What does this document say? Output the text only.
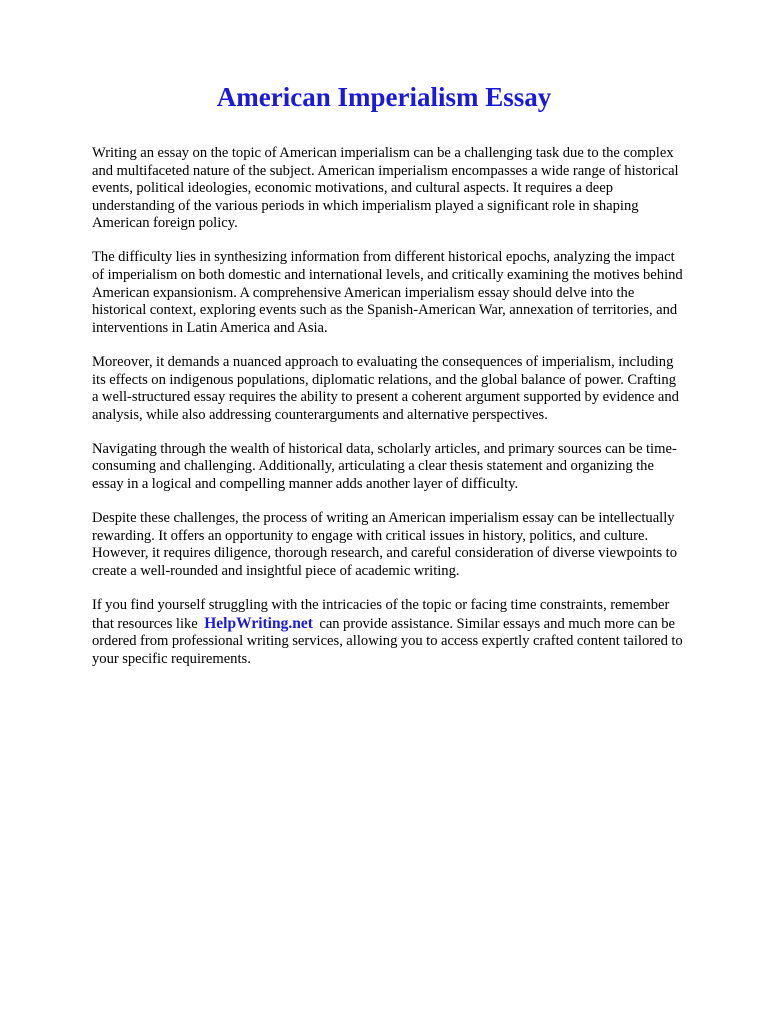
American Imperialism Essay

Writing an essay on the topic of American imperialism can be a challenging task due to the complex
and multifaceted nature of the subject. American imperialism encompasses a wide range of historical
events, political ideologies, economic motivations, and cultural aspects. It requires a deep
understanding of the various periods in which imperialism played a significant role in shaping
American foreign policy.

The difficulty lies in synthesizing information from different historical epochs, analyzing the impact
of imperialism on both domestic and international levels, and critically examining the motives behind
American expansionism. A comprehensive American imperialism essay should delve into the
historical context, exploring events such as the Spanish-American War, annexation of territories, and
interventions in Latin America and Asia.

Moreover, it demands a nuanced approach to evaluating the consequences of imperialism, including
its effects on indigenous populations, diplomatic relations, and the global balance of power. Crafting
a well-structured essay requires the ability to present a coherent argument supported by evidence and
analysis, while also addressing counterarguments and alternative perspectives.

Navigating through the wealth of historical data, scholarly articles, and primary sources can be time-
consuming and challenging. Additionally, articulating a clear thesis statement and organizing the
essay in a logical and compelling manner adds another layer of difficulty.

Despite these challenges, the process of writing an American imperialism essay can be intellectually
rewarding. It offers an opportunity to engage with critical issues in history, politics, and culture.
However, it requires diligence, thorough research, and careful consideration of diverse viewpoints to
create a well-rounded and insightful piece of academic writing.

If you find yourself struggling with the intricacies of the topic or facing time constraints, remember
that resources like HelpWriting.net can provide assistance. Similar essays and much more can be
ordered from professional writing services, allowing you to access expertly crafted content tailored to
your specific requirements.
